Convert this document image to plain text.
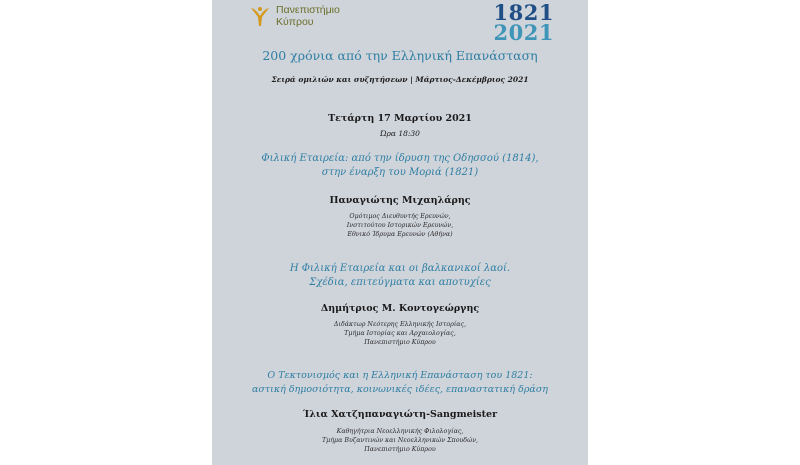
Πανεπιστήμιο
Κύπρου	1821
2021
200 χρόνια από την Ελληνική Επανάσταση
Σειρά ομιλιών και συζητήσεων | Μάρτιος-Δεκέμβριος 2021
Τετάρτη 17 Μαρτίου 2021
Ώρα 18:30
Φιλική Εταιρεία: από την ίδρυση της Οδησσού (1814),
στην έναρξη του Μοριά (1821)
Παναγιώτης Μιχαηλάρης
Ομότιμος Διευθυντής Ερευνών,
Ινστιτούτου Ιστορικών Ερευνών,
Εθνικό Ίδρυμα Ερευνών (Αθήνα)
Η Φιλική Εταιρεία και οι βαλκανικοί λαοί.
Σχέδια, επιτεύγματα και αποτυχίες
Δημήτριος Μ. Κοντογεώργης
Διδάκτωρ Νεότερης Ελληνικής Ιστορίας,
Τμήμα Ιστορίας και Αρχαιολογίας,
Πανεπιστήμιο Κύπρου
Ο Τεκτονισμός και η Ελληνική Επανάσταση του 1821:
αστική δημοσιότητα, κοινωνικές ιδέες, επαναστατική δράση
Ίλια Χατζηπαναγιώτη-Sangmeister
Καθηγήτρια Νεοελληνικής Φιλολογίας,
Τμήμα Βυζαντινών και Νεοελληνικών Σπουδών,
Πανεπιστήμιο Κύπρου
